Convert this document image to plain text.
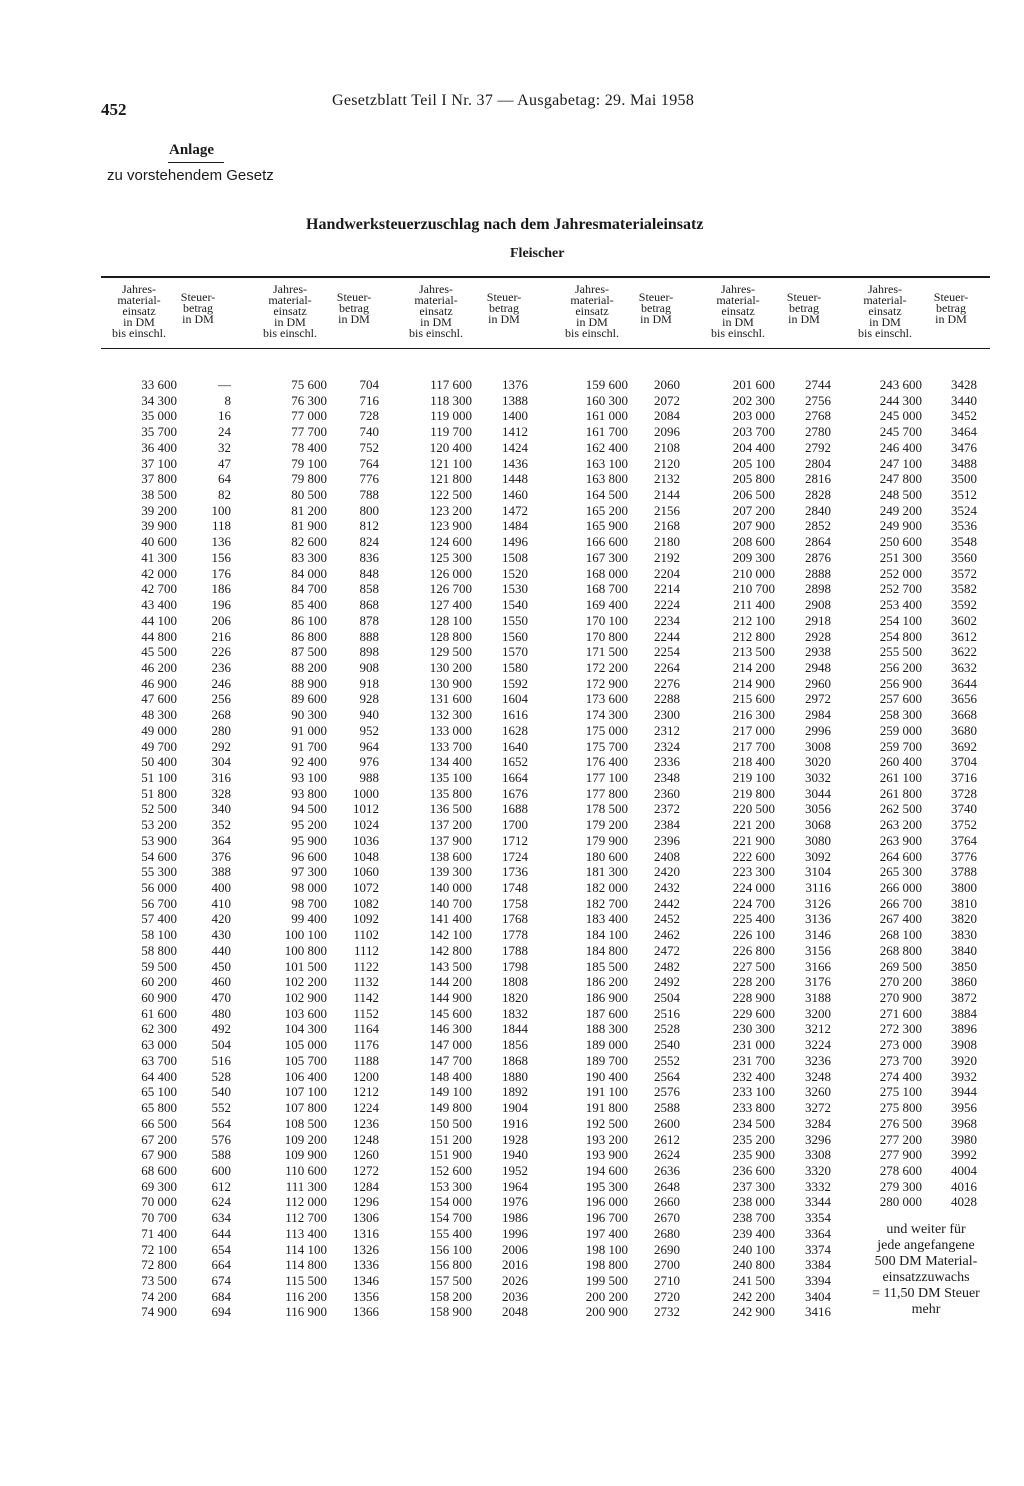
452	Gesetzblatt Teil I Nr. 37 — Ausgabetag: 29. Mai 1958
Anlage
zu vorstehendem Gesetz
Handwerksteuerzuschlag nach dem Jahresmaterialeinsatz
Fleischer
Jahres-
material-
einsatz
in DM
bis einschl.
Steuer-
betrag
in DM
33 600
34 300
35 000
35 700
36 400
37 100
37 800
38 500
39 200
39 900
40 600
41 300
42 000
42 700
43 400
44 100
44 800
45 500
46 200
46 900
47 600
48 300
49 000
49 700
50 400
51 100
51 800
52 500
53 200
53 900
54 600
55 300
56 000
56 700
57 400
58 100
58 800
59 500
60 200
60 900
61 600
62 300
63 000
63 700
64 400
65 100
65 800
66 500
67 200
67 900
68 600
69 300
70 000
70 700
71 400
72 100
72 800
73 500
74 200
74 900
—
8
16
24
32
47
64
82
100
118
136
156
176
186
196
206
216
226
236
246
256
268
280
292
304
316
328
340
352
364
376
388
400
410
420
430
440
450
460
470
480
492
504
516
528
540
552
564
576
588
600
612
624
634
644
654
664
674
684
694
Jahres-
material-
einsatz
in DM
bis einschl.
Steuer-
betrag
in DM
75 600
76 300
77 000
77 700
78 400
79 100
79 800
80 500
81 200
81 900
82 600
83 300
84 000
84 700
85 400
86 100
86 800
87 500
88 200
88 900
89 600
90 300
91 000
91 700
92 400
93 100
93 800
94 500
95 200
95 900
96 600
97 300
98 000
98 700
99 400
100 100
100 800
101 500
102 200
102 900
103 600
104 300
105 000
105 700
106 400
107 100
107 800
108 500
109 200
109 900
110 600
111 300
112 000
112 700
113 400
114 100
114 800
115 500
116 200
116 900
704
716
728
740
752
764
776
788
800
812
824
836
848
858
868
878
888
898
908
918
928
940
952
964
976
988
1000
1012
1024
1036
1048
1060
1072
1082
1092
1102
1112
1122
1132
1142
1152
1164
1176
1188
1200
1212
1224
1236
1248
1260
1272
1284
1296
1306
1316
1326
1336
1346
1356
1366
Jahres-
material-
einsatz
in DM
bis einschl.
Steuer-
betrag
in DM
117 600
118 300
119 000
119 700
120 400
121 100
121 800
122 500
123 200
123 900
124 600
125 300
126 000
126 700
127 400
128 100
128 800
129 500
130 200
130 900
131 600
132 300
133 000
133 700
134 400
135 100
135 800
136 500
137 200
137 900
138 600
139 300
140 000
140 700
141 400
142 100
142 800
143 500
144 200
144 900
145 600
146 300
147 000
147 700
148 400
149 100
149 800
150 500
151 200
151 900
152 600
153 300
154 000
154 700
155 400
156 100
156 800
157 500
158 200
158 900
1376
1388
1400
1412
1424
1436
1448
1460
1472
1484
1496
1508
1520
1530
1540
1550
1560
1570
1580
1592
1604
1616
1628
1640
1652
1664
1676
1688
1700
1712
1724
1736
1748
1758
1768
1778
1788
1798
1808
1820
1832
1844
1856
1868
1880
1892
1904
1916
1928
1940
1952
1964
1976
1986
1996
2006
2016
2026
2036
2048
Jahres-
material-
einsatz
in DM
bis einschl.
Steuer-
betrag
in DM
159 600
160 300
161 000
161 700
162 400
163 100
163 800
164 500
165 200
165 900
166 600
167 300
168 000
168 700
169 400
170 100
170 800
171 500
172 200
172 900
173 600
174 300
175 000
175 700
176 400
177 100
177 800
178 500
179 200
179 900
180 600
181 300
182 000
182 700
183 400
184 100
184 800
185 500
186 200
186 900
187 600
188 300
189 000
189 700
190 400
191 100
191 800
192 500
193 200
193 900
194 600
195 300
196 000
196 700
197 400
198 100
198 800
199 500
200 200
200 900
2060
2072
2084
2096
2108
2120
2132
2144
2156
2168
2180
2192
2204
2214
2224
2234
2244
2254
2264
2276
2288
2300
2312
2324
2336
2348
2360
2372
2384
2396
2408
2420
2432
2442
2452
2462
2472
2482
2492
2504
2516
2528
2540
2552
2564
2576
2588
2600
2612
2624
2636
2648
2660
2670
2680
2690
2700
2710
2720
2732
Jahres-
material-
einsatz
in DM
bis einschl.
Steuer-
betrag
in DM
201 600
202 300
203 000
203 700
204 400
205 100
205 800
206 500
207 200
207 900
208 600
209 300
210 000
210 700
211 400
212 100
212 800
213 500
214 200
214 900
215 600
216 300
217 000
217 700
218 400
219 100
219 800
220 500
221 200
221 900
222 600
223 300
224 000
224 700
225 400
226 100
226 800
227 500
228 200
228 900
229 600
230 300
231 000
231 700
232 400
233 100
233 800
234 500
235 200
235 900
236 600
237 300
238 000
238 700
239 400
240 100
240 800
241 500
242 200
242 900
2744
2756
2768
2780
2792
2804
2816
2828
2840
2852
2864
2876
2888
2898
2908
2918
2928
2938
2948
2960
2972
2984
2996
3008
3020
3032
3044
3056
3068
3080
3092
3104
3116
3126
3136
3146
3156
3166
3176
3188
3200
3212
3224
3236
3248
3260
3272
3284
3296
3308
3320
3332
3344
3354
3364
3374
3384
3394
3404
3416
Jahres-
material-
einsatz
in DM
bis einschl.
Steuer-
betrag
in DM
243 600
244 300
245 000
245 700
246 400
247 100
247 800
248 500
249 200
249 900
250 600
251 300
252 000
252 700
253 400
254 100
254 800
255 500
256 200
256 900
257 600
258 300
259 000
259 700
260 400
261 100
261 800
262 500
263 200
263 900
264 600
265 300
266 000
266 700
267 400
268 100
268 800
269 500
270 200
270 900
271 600
272 300
273 000
273 700
274 400
275 100
275 800
276 500
277 200
277 900
278 600
279 300
280 000
3428
3440
3452
3464
3476
3488
3500
3512
3524
3536
3548
3560
3572
3582
3592
3602
3612
3622
3632
3644
3656
3668
3680
3692
3704
3716
3728
3740
3752
3764
3776
3788
3800
3810
3820
3830
3840
3850
3860
3872
3884
3896
3908
3920
3932
3944
3956
3968
3980
3992
4004
4016
4028
und weiter für
jede angefangene
500 DM Material-
einsatzzuwachs
= 11,50 DM Steuer
mehr
